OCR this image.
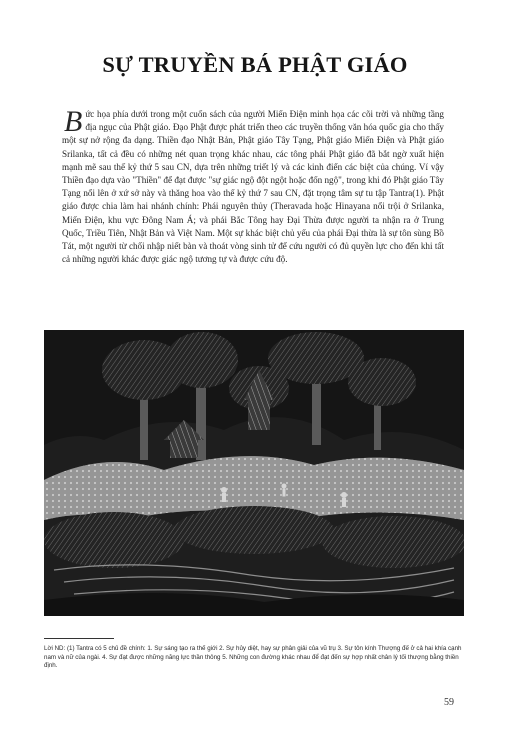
SỰ TRUYỀN BÁ PHẬT GIÁO
Bức họa phía dưới trong một cuốn sách của người Miến Điện minh họa các cõi trời và những tầng địa ngục của Phật giáo. Đạo Phật được phát triển theo các truyền thống văn hóa quốc gia cho thấy một sự nở rộng đa dạng. Thiền đạo Nhật Bản, Phật giáo Tây Tạng, Phật giáo Miến Điện và Phật giáo Srilanka, tất cả đều có những nét quan trọng khác nhau, các tông phái Phật giáo đã bắt ngờ xuất hiện mạnh mẽ sau thế kỷ thứ 5 sau CN, dựa trên những triết lý và các kinh điển các biệt của chúng. Ví vậy Thiền đạo dựa vào "Thiền" để đạt được "sự giác ngộ đột ngột hoặc đốn ngộ", trong khi đó Phật giáo Tây Tạng nổi lên ở xứ sở này và thăng hoa vào thế kỷ thứ 7 sau CN, đặt trọng tâm sự tu tập Tantra(1). Phật giáo được chia làm hai nhánh chính: Phái nguyên thủy (Theravada hoặc Hinayana nổi trội ở Srilanka, Miến Điện, khu vực Đông Nam Á; và phái Bắc Tông hay Đại Thừa được người ta nhận ra ở Trung Quốc, Triều Tiên, Nhật Bản và Việt Nam. Một sự khác biệt chủ yếu của phái Đại thừa là sự tôn sùng Bồ Tát, một người từ chối nhập niết bàn và thoát vòng sinh tử để cứu người có đủ quyền lực cho đến khi tất cả những người khác được giác ngộ tương tự và được cứu độ.
Lời ND: (1) Tantra có 5 chủ đề chính: 1. Sự sáng tạo ra thế giới 2. Sự hủy diệt, hay sự phân giải của vũ trụ 3. Sự tôn kính Thượng đế ở cả hai khía cạnh nam và nữ của ngài. 4. Sự đạt được những năng lực thần thông 5. Những con đường khác nhau để đạt đến sự hợp nhất chân lý tối thượng bằng thiền định.
59
